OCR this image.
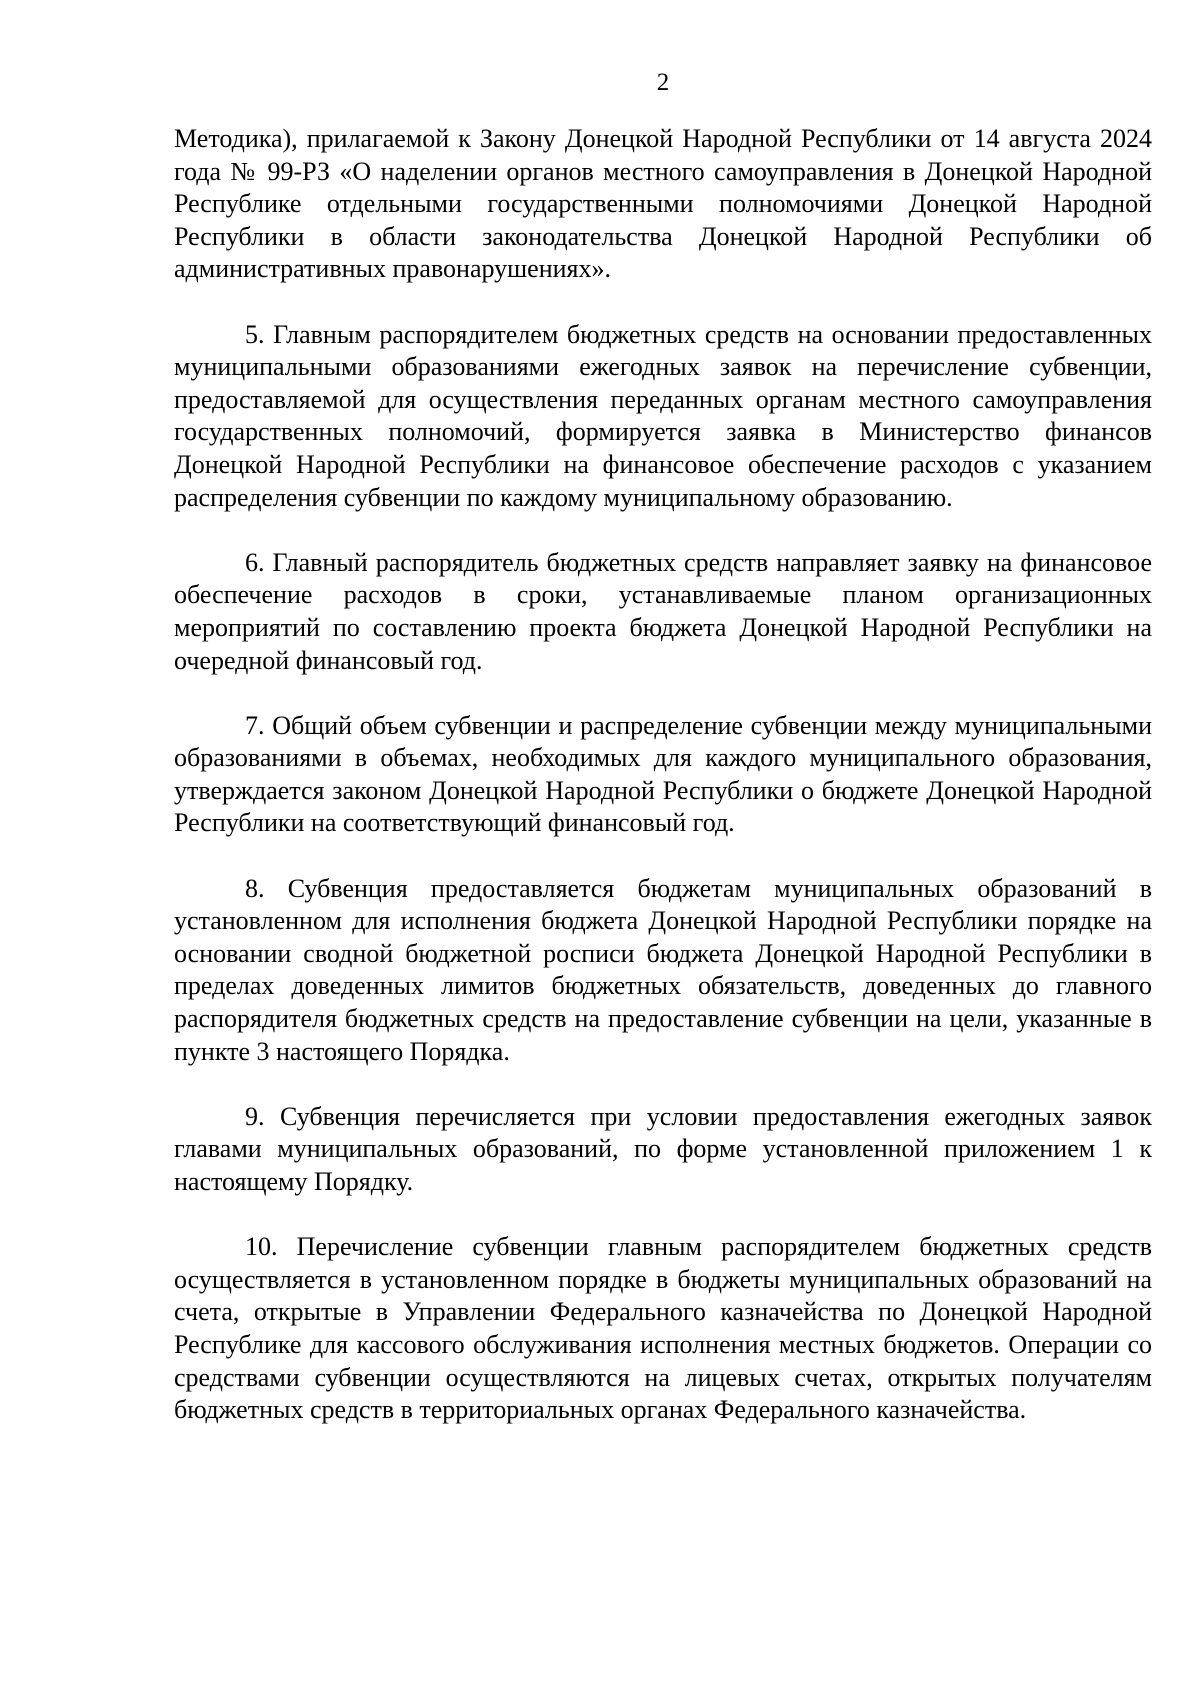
2

Методика), прилагаемой к Закону Донецкой Народной Республики от 14 августа 2024 года № 99-РЗ «О наделении органов местного самоуправления в Донецкой Народной Республике отдельными государственными полномочиями Донецкой Народной Республики в области законодательства Донецкой Народной Республики об административных правонарушениях».

5. Главным распорядителем бюджетных средств на основании предоставленных муниципальными образованиями ежегодных заявок на перечисление субвенции, предоставляемой для осуществления переданных органам местного самоуправления государственных полномочий, формируется заявка в Министерство финансов Донецкой Народной Республики на финансовое обеспечение расходов с указанием распределения субвенции по каждому муниципальному образованию.

6. Главный распорядитель бюджетных средств направляет заявку на финансовое обеспечение расходов в сроки, устанавливаемые планом организационных мероприятий по составлению проекта бюджета Донецкой Народной Республики на очередной финансовый год.

7. Общий объем субвенции и распределение субвенции между муниципальными образованиями в объемах, необходимых для каждого муниципального образования, утверждается законом Донецкой Народной Республики о бюджете Донецкой Народной Республики на соответствующий финансовый год.

8. Субвенция предоставляется бюджетам муниципальных образований в установленном для исполнения бюджета Донецкой Народной Республики порядке на основании сводной бюджетной росписи бюджета Донецкой Народной Республики в пределах доведенных лимитов бюджетных обязательств, доведенных до главного распорядителя бюджетных средств на предоставление субвенции на цели, указанные в пункте 3 настоящего Порядка.

9. Субвенция перечисляется при условии предоставления ежегодных заявок главами муниципальных образований, по форме установленной приложением 1 к настоящему Порядку.

10. Перечисление субвенции главным распорядителем бюджетных средств осуществляется в установленном порядке в бюджеты муниципальных образований на счета, открытые в Управлении Федерального казначейства по Донецкой Народной Республике для кассового обслуживания исполнения местных бюджетов. Операции со средствами субвенции осуществляются на лицевых счетах, открытых получателям бюджетных средств в территориальных органах Федерального казначейства.
